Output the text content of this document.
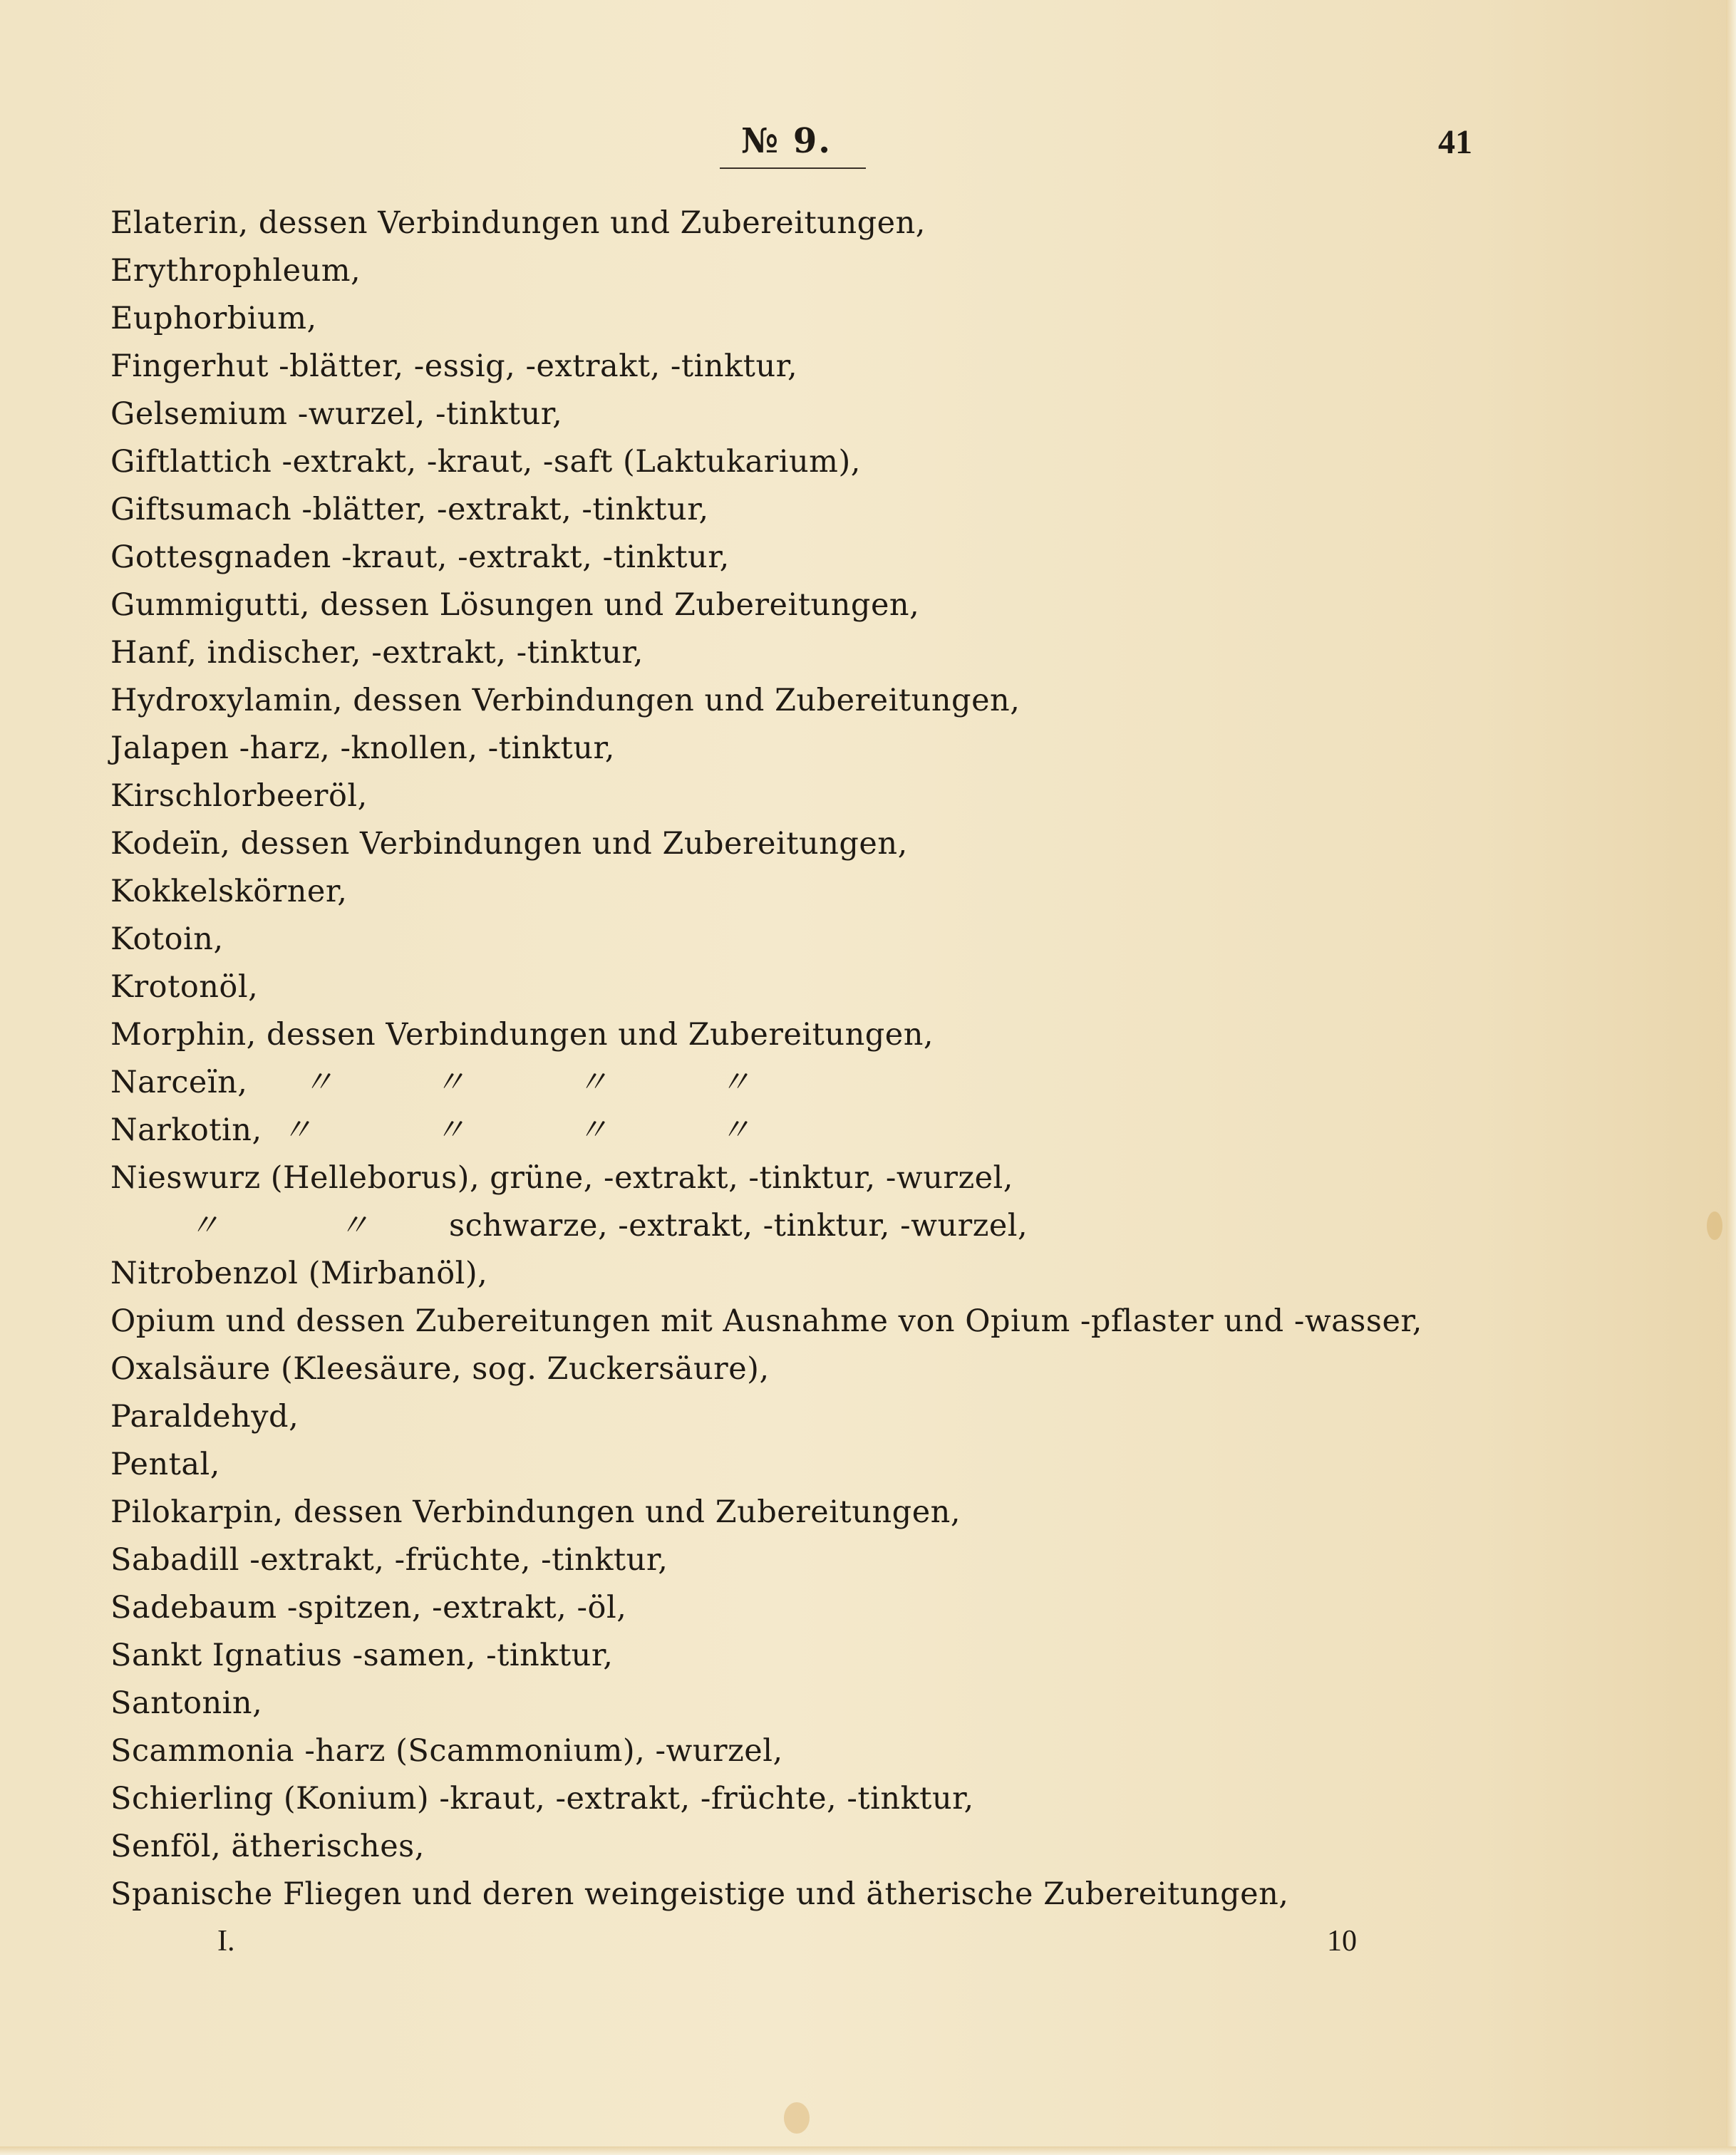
№ 9.	41
Elaterin, dessen Verbindungen und Zubereitungen,
Erythrophleum,
Euphorbium,
Fingerhut -blätter, -essig, -extrakt, -tinktur,
Gelsemium -wurzel, -tinktur,
Giftlattich -extrakt, -kraut, -saft (Laktukarium),
Giftsumach -blätter, -extrakt, -tinktur,
Gottesgnaden -kraut, -extrakt, -tinktur,
Gummigutti, dessen Lösungen und Zubereitungen,
Hanf, indischer, -extrakt, -tinktur,
Hydroxylamin, dessen Verbindungen und Zubereitungen,
Jalapen -harz, -knollen, -tinktur,
Kirschlorbeeröl,
Kodeïn, dessen Verbindungen und Zubereitungen,
Kokkelskörner,
Kotoin,
Krotonöl,
Morphin, dessen Verbindungen und Zubereitungen,
Narceïn, 〃	〃	〃	〃
Narkotin, 〃	〃	〃	〃
Nieswurz (Helleborus), grüne, -extrakt, -tinktur, -wurzel,
〃	〃	schwarze, -extrakt, -tinktur, -wurzel,
Nitrobenzol (Mirbanöl),
Opium und dessen Zubereitungen mit Ausnahme von Opium -pflaster und -wasser,
Oxalsäure (Kleesäure, sog. Zuckersäure),
Paraldehyd,
Pental,
Pilokarpin, dessen Verbindungen und Zubereitungen,
Sabadill -extrakt, -früchte, -tinktur,
Sadebaum -spitzen, -extrakt, -öl,
Sankt Ignatius -samen, -tinktur,
Santonin,
Scammonia -harz (Scammonium), -wurzel,
Schierling (Konium) -kraut, -extrakt, -früchte, -tinktur,
Senföl, ätherisches,
Spanische Fliegen und deren weingeistige und ätherische Zubereitungen,
I.	10
